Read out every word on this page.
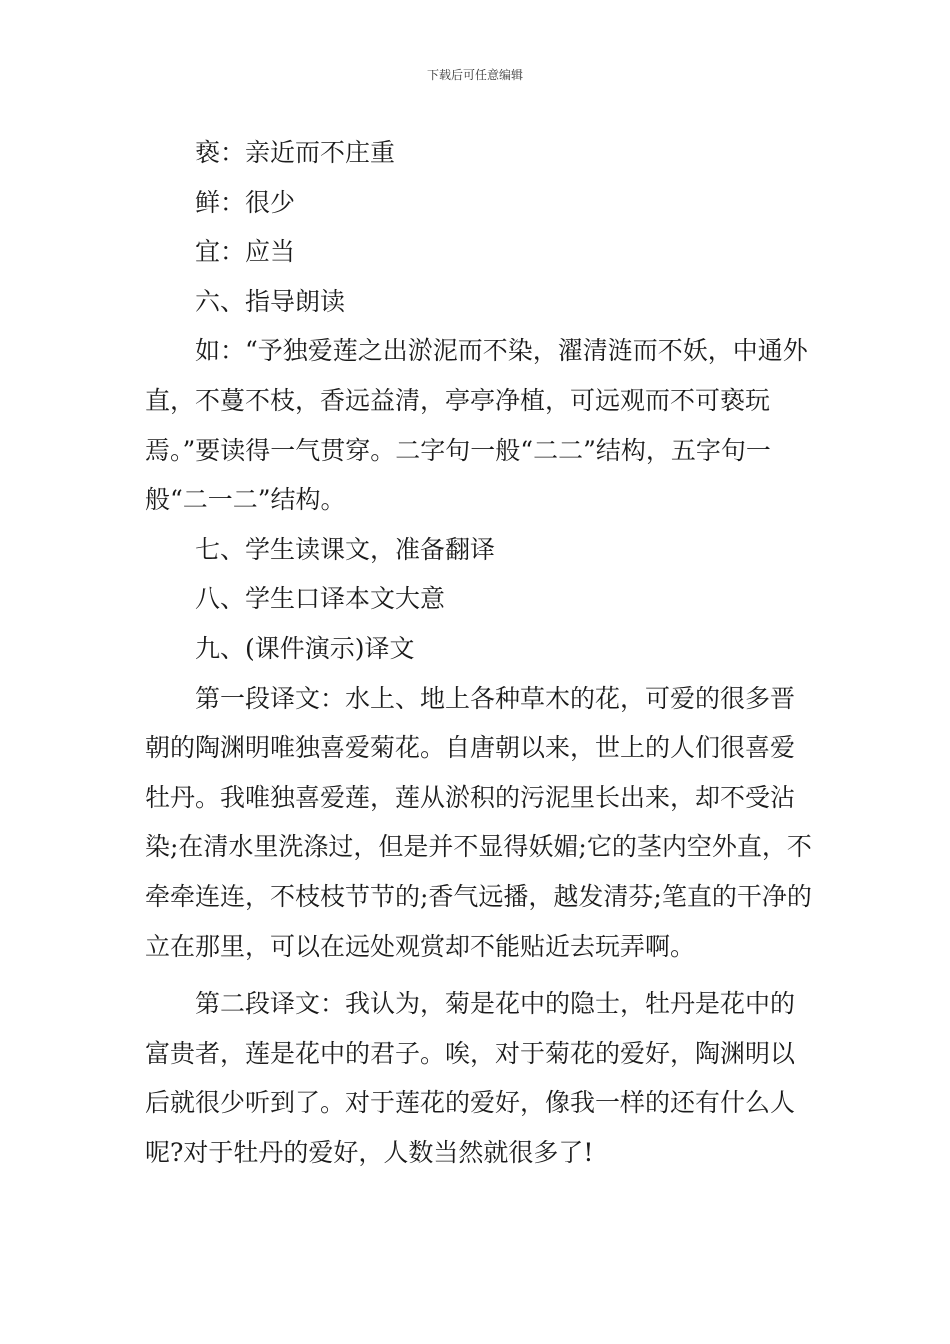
下载后可任意编辑

亵：亲近而不庄重

鲜：很少

宜：应当

六、指导朗读

如：“予独爱莲之出淤泥而不染，濯清涟而不妖，中通外直，不蔓不枝，香远益清，亭亭净植，可远观而不可亵玩焉。”要读得一气贯穿。二字句一般“二二”结构，五字句一般“二一二”结构。

七、学生读课文，准备翻译

八、学生口译本文大意

九、(课件演示)译文

第一段译文：水上、地上各种草木的花，可爱的很多晋朝的陶渊明唯独喜爱菊花。自唐朝以来，世上的人们很喜爱牡丹。我唯独喜爱莲，莲从淤积的污泥里长出来，却不受沾染;在清水里洗涤过，但是并不显得妖媚;它的茎内空外直，不牵牵连连，不枝枝节节的;香气远播，越发清芬;笔直的干净的立在那里，可以在远处观赏却不能贴近去玩弄啊。

第二段译文：我认为，菊是花中的隐士，牡丹是花中的富贵者，莲是花中的君子。唉，对于菊花的爱好，陶渊明以后就很少听到了。对于莲花的爱好，像我一样的还有什么人呢?对于牡丹的爱好，人数当然就很多了!
